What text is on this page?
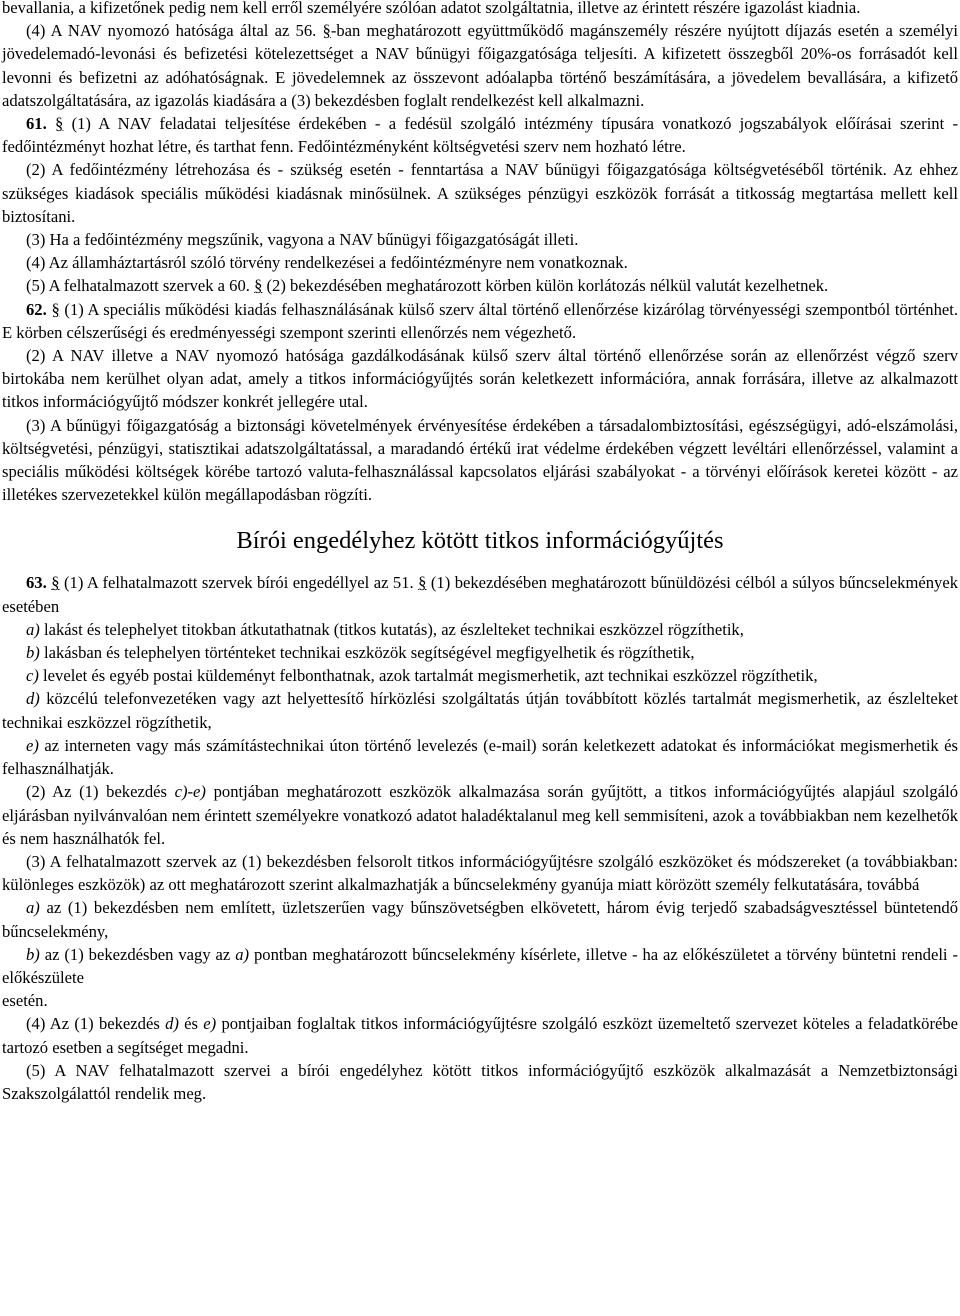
bevallania, a kifizetőnek pedig nem kell erről személyére szólóan adatot szolgáltatnia, illetve az érintett részére igazolást kiadnia.

(4) A NAV nyomozó hatósága által az 56. §-ban meghatározott együttműködő magánszemély részére nyújtott díjazás esetén a személyi jövedelemadó-levonási és befizetési kötelezettséget a NAV bűnügyi főigazgatósága teljesíti. A kifizetett összegből 20%-os forrásadót kell levonni és befizetni az adóhatóságnak. E jövedelemnek az összevont adóalapba történő beszámítására, a jövedelem bevallására, a kifizető adatszolgáltatására, az igazolás kiadására a (3) bekezdésben foglalt rendelkezést kell alkalmazni.

61. § (1) A NAV feladatai teljesítése érdekében - a fedésül szolgáló intézmény típusára vonatkozó jogszabályok előírásai szerint - fedőintézményt hozhat létre, és tarthat fenn. Fedőintézményként költségvetési szerv nem hozható létre.

(2) A fedőintézmény létrehozása és - szükség esetén - fenntartása a NAV bűnügyi főigazgatósága költségvetéséből történik. Az ehhez szükséges kiadások speciális működési kiadásnak minősülnek. A szükséges pénzügyi eszközök forrását a titkosság megtartása mellett kell biztosítani.

(3) Ha a fedőintézmény megszűnik, vagyona a NAV bűnügyi főigazgatóságát illeti.

(4) Az államháztartásról szóló törvény rendelkezései a fedőintézményre nem vonatkoznak.

(5) A felhatalmazott szervek a 60. § (2) bekezdésében meghatározott körben külön korlátozás nélkül valutát kezelhetnek.

62. § (1) A speciális működési kiadás felhasználásának külső szerv által történő ellenőrzése kizárólag törvényességi szempontból történhet. E körben célszerűségi és eredményességi szempont szerinti ellenőrzés nem végezhető.

(2) A NAV illetve a NAV nyomozó hatósága gazdálkodásának külső szerv által történő ellenőrzése során az ellenőrzést végző szerv birtokába nem kerülhet olyan adat, amely a titkos információgyűjtés során keletkezett információra, annak forrására, illetve az alkalmazott titkos információgyűjtő módszer konkrét jellegére utal.

(3) A bűnügyi főigazgatóság a biztonsági követelmények érvényesítése érdekében a társadalombiztosítási, egészségügyi, adó-elszámolási, költségvetési, pénzügyi, statisztikai adatszolgáltatással, a maradandó értékű irat védelme érdekében végzett levéltári ellenőrzéssel, valamint a speciális működési költségek körébe tartozó valuta-felhasználással kapcsolatos eljárási szabályokat - a törvényi előírások keretei között - az illetékes szervezetekkel külön megállapodásban rögzíti.

Bírói engedélyhez kötött titkos információgyűjtés

63. § (1) A felhatalmazott szervek bírói engedéllyel az 51. § (1) bekezdésében meghatározott bűnüldözési célból a súlyos bűncselekmények esetében

a) lakást és telephelyet titokban átkutathatnak (titkos kutatás), az észlelteket technikai eszközzel rögzíthetik,

b) lakásban és telephelyen történteket technikai eszközök segítségével megfigyelhetik és rögzíthetik,

c) levelet és egyéb postai küldeményt felbonthatnak, azok tartalmát megismerhetik, azt technikai eszközzel rögzíthetik,

d) közcélú telefonvezetéken vagy azt helyettesítő hírközlési szolgáltatás útján továbbított közlés tartalmát megismerhetik, az észlelteket technikai eszközzel rögzíthetik,

e) az interneten vagy más számítástechnikai úton történő levelezés (e-mail) során keletkezett adatokat és információkat megismerhetik és felhasználhatják.

(2) Az (1) bekezdés c)-e) pontjában meghatározott eszközök alkalmazása során gyűjtött, a titkos információgyűjtés alapjául szolgáló eljárásban nyilvánvalóan nem érintett személyekre vonatkozó adatot haladéktalanul meg kell semmisíteni, azok a továbbiakban nem kezelhetők és nem használhatók fel.

(3) A felhatalmazott szervek az (1) bekezdésben felsorolt titkos információgyűjtésre szolgáló eszközöket és módszereket (a továbbiakban: különleges eszközök) az ott meghatározott szerint alkalmazhatják a bűncselekmény gyanúja miatt körözött személy felkutatására, továbbá

a) az (1) bekezdésben nem említett, üzletszerűen vagy bűnszövetségben elkövetett, három évig terjedő szabadságvesztéssel büntetendő bűncselekmény,

b) az (1) bekezdésben vagy az a) pontban meghatározott bűncselekmény kísérlete, illetve - ha az előkészületet a törvény büntetni rendeli - előkészülete

esetén.

(4) Az (1) bekezdés d) és e) pontjaiban foglaltak titkos információgyűjtésre szolgáló eszközt üzemeltető szervezet köteles a feladatkörébe tartozó esetben a segítséget megadni.

(5) A NAV felhatalmazott szervei a bírói engedélyhez kötött titkos információgyűjtő eszközök alkalmazását a Nemzetbiztonsági Szakszolgálattól rendelik meg.
